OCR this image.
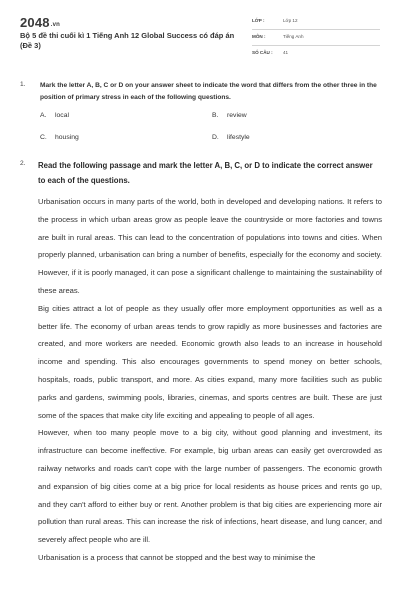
2048.vn
Bộ 5 đề thi cuối kì 1 Tiếng Anh 12 Global Success có đáp án (Đề 3)
LỚP :	Lớp 12
MÔN :	Tiếng Anh
SỐ CÂU : 41
1. Mark the letter A, B, C or D on your answer sheet to indicate the word that differs from the other three in the position of primary stress in each of the following questions.
A. local	B. review
C. housing	D. lifestyle
2. Read the following passage and mark the letter A, B, C, or D to indicate the correct answer to each of the questions.

Urbanisation occurs in many parts of the world, both in developed and developing nations. It refers to the process in which urban areas grow as people leave the countryside or more factories and towns are built in rural areas. This can lead to the concentration of populations into towns and cities. When properly planned, urbanisation can bring a number of benefits, especially for the economy and society. However, if it is poorly managed, it can pose a significant challenge to maintaining the sustainability of these areas.

Big cities attract a lot of people as they usually offer more employment opportunities as well as a better life. The economy of urban areas tends to grow rapidly as more businesses and factories are created, and more workers are needed. Economic growth also leads to an increase in household income and spending. This also encourages governments to spend money on better schools, hospitals, roads, public transport, and more. As cities expand, many more facilities such as public parks and gardens, swimming pools, libraries, cinemas, and sports centres are built. These are just some of the spaces that make city life exciting and appealing to people of all ages.

However, when too many people move to a big city, without good planning and investment, its infrastructure can become ineffective. For example, big urban areas can easily get overcrowded as railway networks and roads can't cope with the large number of passengers. The economic growth and expansion of big cities come at a big price for local residents as house prices and rents go up, and they can't afford to either buy or rent. Another problem is that big cities are experiencing more air pollution than rural areas. This can increase the risk of infections, heart disease, and lung cancer, and severely affect people who are ill.

Urbanisation is a process that cannot be stopped and the best way to minimise the
